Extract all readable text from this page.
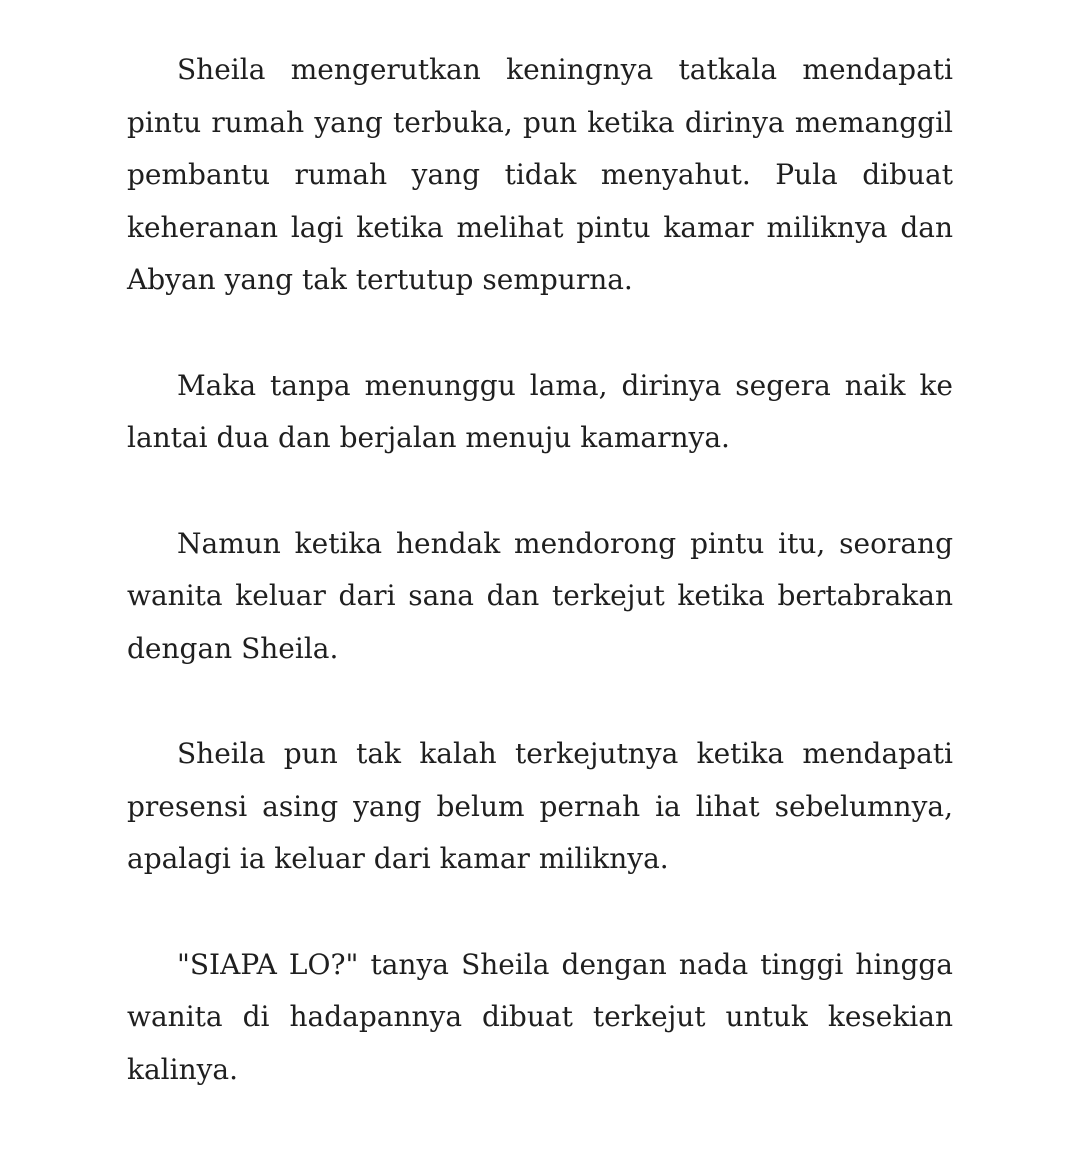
Sheila mengerutkan keningnya tatkala mendapati pintu rumah yang terbuka, pun ketika dirinya memanggil pembantu rumah yang tidak menyahut. Pula dibuat keheranan lagi ketika melihat pintu kamar miliknya dan Abyan yang tak tertutup sempurna.

Maka tanpa menunggu lama, dirinya segera naik ke lantai dua dan berjalan menuju kamarnya.

Namun ketika hendak mendorong pintu itu, seorang wanita keluar dari sana dan terkejut ketika bertabrakan dengan Sheila.

Sheila pun tak kalah terkejutnya ketika mendapati presensi asing yang belum pernah ia lihat sebelumnya, apalagi ia keluar dari kamar miliknya.

"SIAPA LO?" tanya Sheila dengan nada tinggi hingga wanita di hadapannya dibuat terkejut untuk kesekian kalinya.
